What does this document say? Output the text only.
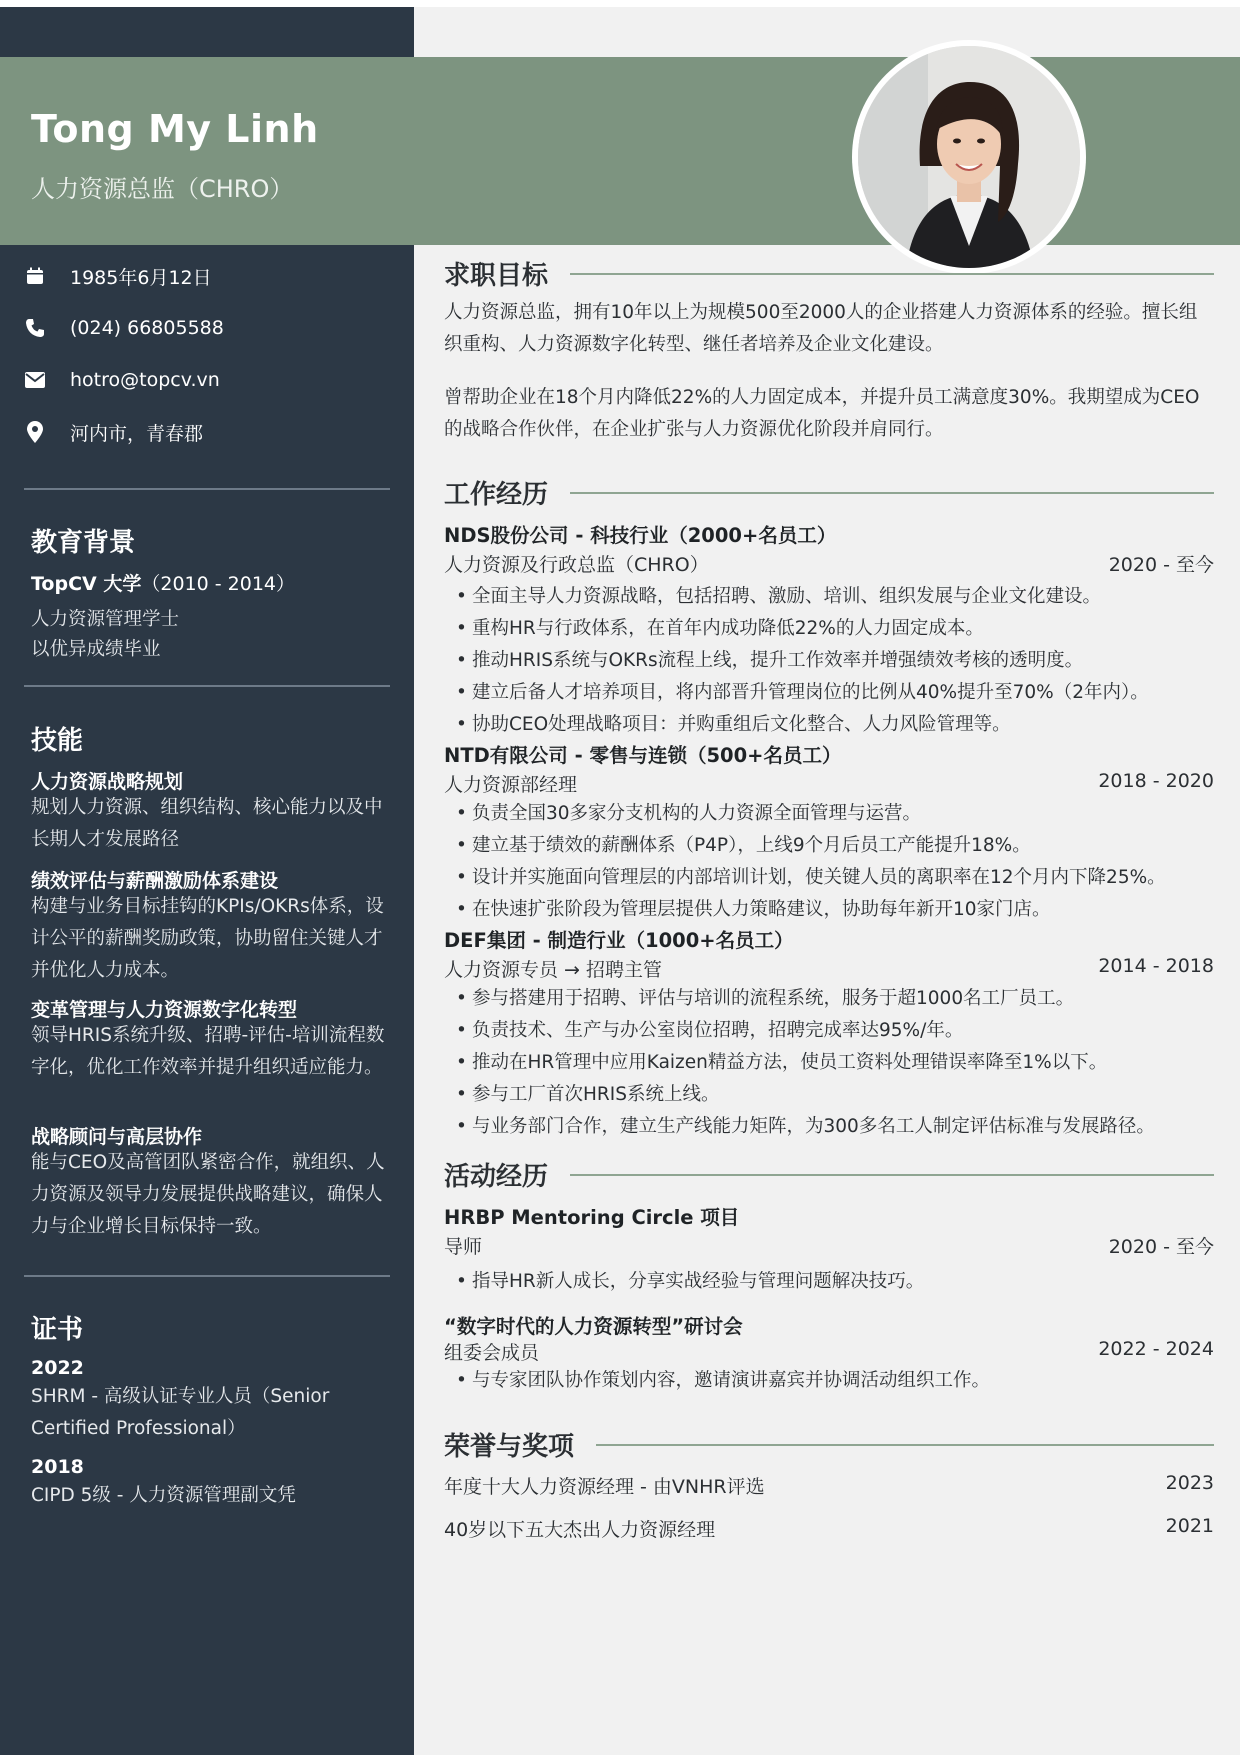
Tong My Linh
人力资源总监（CHRO）
1985年6月12日
(024) 66805588
hotro@topcv.vn
河内市，青春郡
教育背景
TopCV 大学（2010 - 2014）
人力资源管理学士
以优异成绩毕业
技能
人力资源战略规划
规划人力资源、组织结构、核心能力以及中长期人才发展路径
绩效评估与薪酬激励体系建设
构建与业务目标挂钩的KPIs/OKRs体系，设计公平的薪酬奖励政策，协助留住关键人才并优化人力成本。
变革管理与人力资源数字化转型
领导HRIS系统升级、招聘-评估-培训流程数字化，优化工作效率并提升组织适应能力。
战略顾问与高层协作
能与CEO及高管团队紧密合作，就组织、人力资源及领导力发展提供战略建议，确保人力与企业增长目标保持一致。
证书
2022
SHRM - 高级认证专业人员（Senior Certified Professional）
2018
CIPD 5级 - 人力资源管理副文凭
求职目标
人力资源总监，拥有10年以上为规模500至2000人的企业搭建人力资源体系的经验。擅长组织重构、人力资源数字化转型、继任者培养及企业文化建设。
曾帮助企业在18个月内降低22%的人力固定成本，并提升员工满意度30%。我期望成为CEO的战略合作伙伴，在企业扩张与人力资源优化阶段并肩同行。
工作经历
NDS股份公司 - 科技行业（2000+名员工）
人力资源及行政总监（CHRO）	2020 - 至今
• 全面主导人力资源战略，包括招聘、激励、培训、组织发展与企业文化建设。
• 重构HR与行政体系，在首年内成功降低22%的人力固定成本。
• 推动HRIS系统与OKRs流程上线，提升工作效率并增强绩效考核的透明度。
• 建立后备人才培养项目，将内部晋升管理岗位的比例从40%提升至70%（2年内）。
• 协助CEO处理战略项目：并购重组后文化整合、人力风险管理等。
NTD有限公司 - 零售与连锁（500+名员工）
人力资源部经理	2018 - 2020
• 负责全国30多家分支机构的人力资源全面管理与运营。
• 建立基于绩效的薪酬体系（P4P），上线9个月后员工产能提升18%。
• 设计并实施面向管理层的内部培训计划，使关键人员的离职率在12个月内下降25%。
• 在快速扩张阶段为管理层提供人力策略建议，协助每年新开10家门店。
DEF集团 - 制造行业（1000+名员工）
人力资源专员 → 招聘主管	2014 - 2018
• 参与搭建用于招聘、评估与培训的流程系统，服务于超1000名工厂员工。
• 负责技术、生产与办公室岗位招聘，招聘完成率达95%/年。
• 推动在HR管理中应用Kaizen精益方法，使员工资料处理错误率降至1%以下。
• 参与工厂首次HRIS系统上线。
• 与业务部门合作，建立生产线能力矩阵，为300多名工人制定评估标准与发展路径。
活动经历
HRBP Mentoring Circle 项目
导师	2020 - 至今
• 指导HR新人成长，分享实战经验与管理问题解决技巧。
“数字时代的人力资源转型”研讨会
组委会成员	2022 - 2024
• 与专家团队协作策划内容，邀请演讲嘉宾并协调活动组织工作。
荣誉与奖项
年度十大人力资源经理 - 由VNHR评选	2023
40岁以下五大杰出人力资源经理	2021
